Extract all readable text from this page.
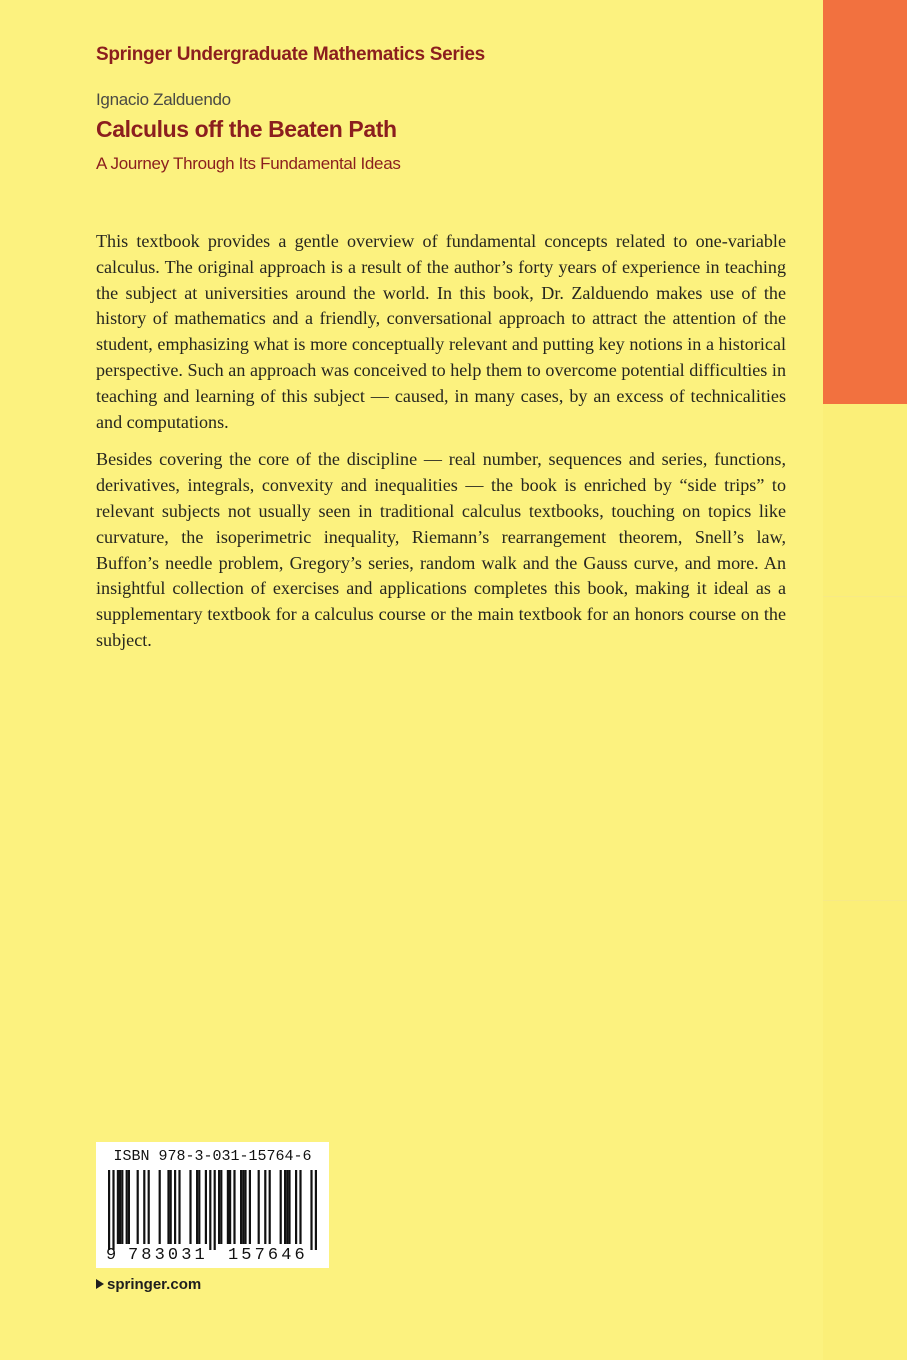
Springer Undergraduate Mathematics Series
Ignacio Zalduendo
Calculus off the Beaten Path
A Journey Through Its Fundamental Ideas

This textbook provides a gentle overview of fundamental concepts related to one-variable calculus. The original approach is a result of the author’s forty years of experience in teaching the subject at universities around the world. In this book, Dr. Zalduendo makes use of the history of mathematics and a friendly, conversational approach to attract the attention of the student, emphasizing what is more conceptually relevant and putting key notions in a historical perspective. Such an approach was conceived to help them to overcome potential difficulties in teaching and learning of this subject — caused, in many cases, by an excess of technicalities and computations.

Besides covering the core of the discipline — real number, sequences and series, functions, derivatives, integrals, convexity and inequalities — the book is enriched by “side trips” to relevant subjects not usually seen in traditional calculus textbooks, touching on topics like curvature, the isoperimetric inequality, Riemann’s rearrangement theorem, Snell’s law, Buffon’s needle problem, Gregory’s series, random walk and the Gauss curve, and more. An insightful collection of exercises and applications completes this book, making it ideal as a supplementary textbook for a calculus course or the main textbook for an honors course on the subject.

ISBN 978-3-031-15764-6
9 783031 157646
springer.com
